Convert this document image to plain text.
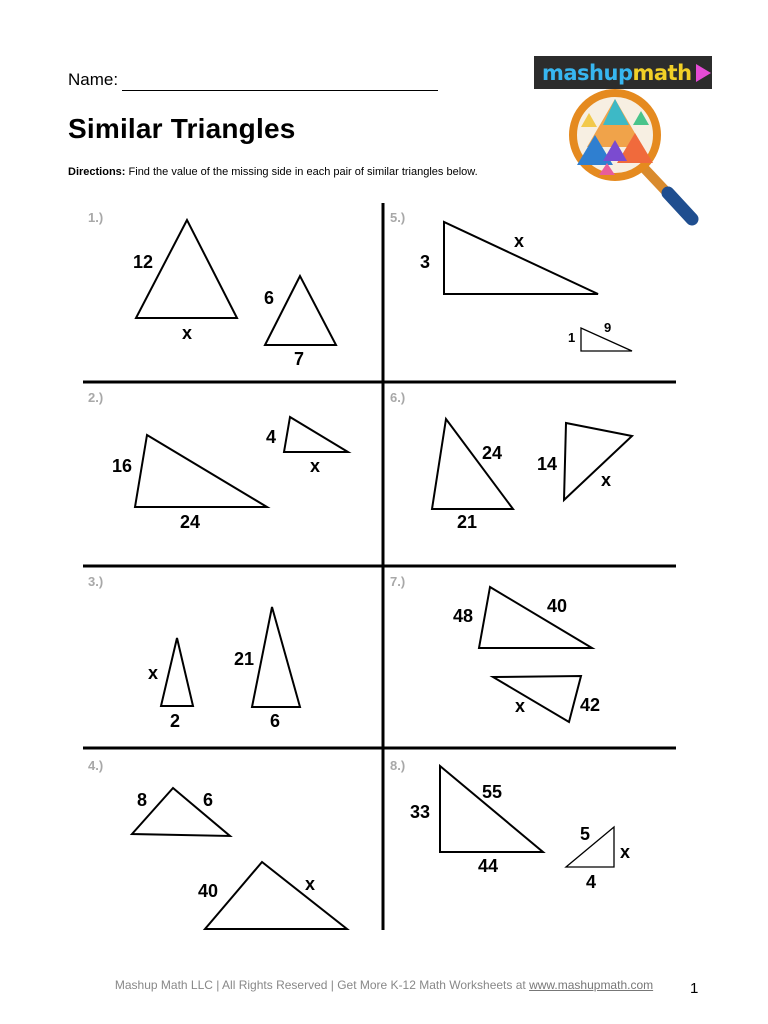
Name:
Similar Triangles
Directions: Find the value of the missing side in each pair of similar triangles below.
mashupmath
1.)
12
x
6
7
2.)
16
24
4
x
3.)
x
2
21
6
4.)
8	6
40	x
5.)
3
x
1
9
6.)
24
21
14
x
7.)
48	40
x	42
8.)
33
55
44
5
x
4
Mashup Math LLC | All Rights Reserved | Get More K-12 Math Worksheets at www.mashupmath.com	1
